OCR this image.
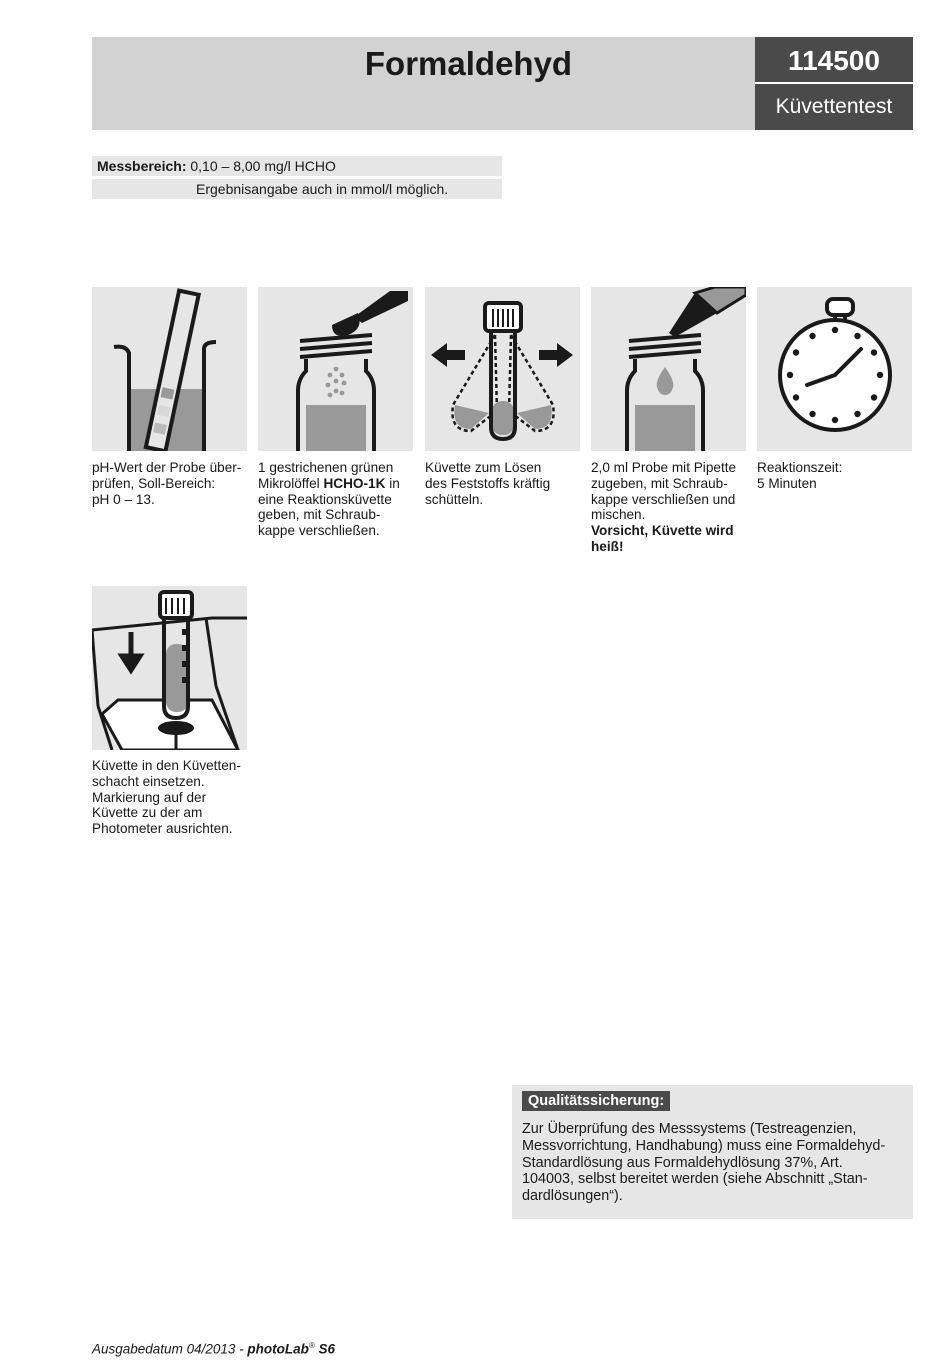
Formaldehyd	114500
Küvettentest
Messbereich: 0,10 – 8,00 mg/l HCHO
Ergebnisangabe auch in mmol/l möglich.
pH-Wert der Probe über-
prüfen, Soll-Bereich:
pH 0 – 13.
1 gestrichenen grünen
Mikrolöffel HCHO-1K in
eine Reaktionsküvette
geben, mit Schraub-
kappe verschließen.
Küvette zum Lösen
des Feststoffs kräftig
schütteln.
2,0 ml Probe mit Pipette
zugeben, mit Schraub-
kappe verschließen und
mischen.
Vorsicht, Küvette wird
heiß!
Reaktionszeit:
5 Minuten
Küvette in den Küvetten-
schacht einsetzen.
Markierung auf der
Küvette zu der am
Photometer ausrichten.
Qualitätssicherung:
Zur Überprüfung des Messsystems (Testreagenzien,
Messvorrichtung, Handhabung) muss eine Formaldehyd-
Standardlösung aus Formaldehydlösung 37%, Art.
104003, selbst bereitet werden (siehe Abschnitt „Stan-
dardlösungen“).
Ausgabedatum 04/2013 - photoLab® S6
